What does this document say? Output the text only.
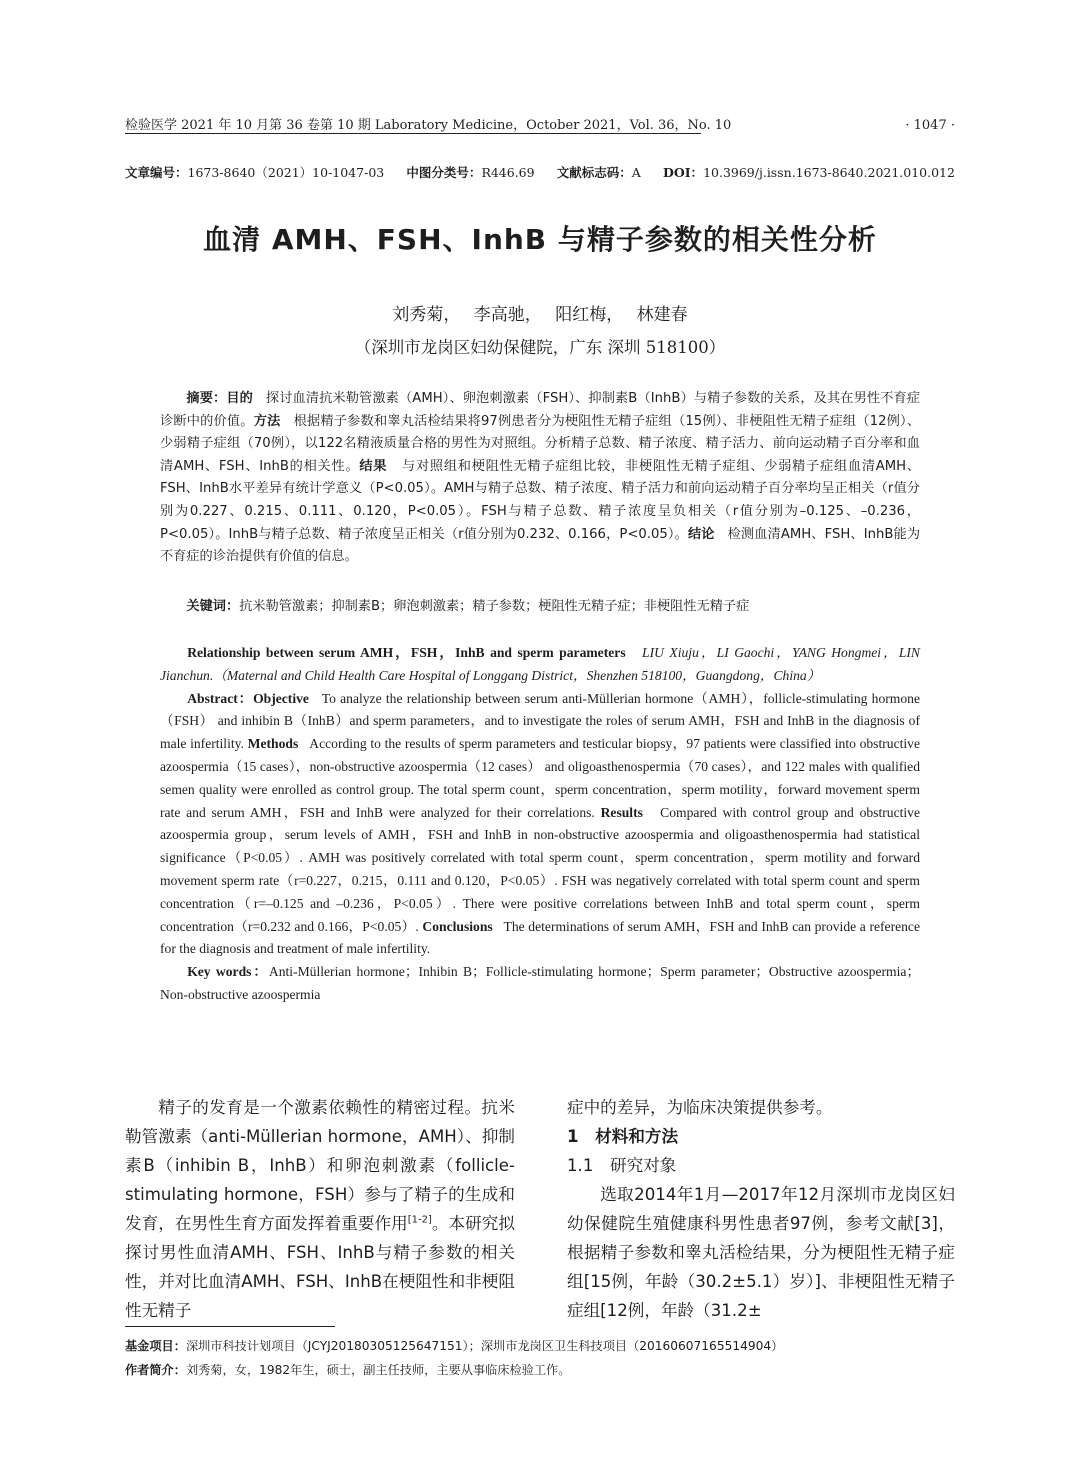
检验医学 2021 年 10 月第 36 卷第 10 期 Laboratory Medicine，October 2021，Vol. 36，No. 10	· 1047 ·
文章编号：1673-8640（2021）10-1047-03 中图分类号：R446.69 文献标志码：A DOI：10.3969/j.issn.1673-8640.2021.010.012
血清 AMH、FSH、InhB 与精子参数的相关性分析
刘秀菊， 李高驰， 阳红梅， 林建春
（深圳市龙岗区妇幼保健院，广东 深圳 518100）

摘要：目的 探讨血清抗米勒管激素（AMH）、卵泡刺激素（FSH）、抑制素B（InhB）与精子参数的关系，及其在男性不育症诊断中的价值。方法 根据精子参数和睾丸活检结果将97例患者分为梗阻性无精子症组（15例）、非梗阻性无精子症组（12例）、少弱精子症组（70例），以122名精液质量合格的男性为对照组。分析精子总数、精子浓度、精子活力、前向运动精子百分率和血清AMH、FSH、InhB的相关性。结果 与对照组和梗阻性无精子症组比较，非梗阻性无精子症组、少弱精子症组血清AMH、FSH、InhB水平差异有统计学意义（P<0.05）。AMH与精子总数、精子浓度、精子活力和前向运动精子百分率均呈正相关（r值分别为0.227、0.215、0.111、0.120，P<0.05）。FSH与精子总数、精子浓度呈负相关（r值分别为–0.125、–0.236，P<0.05）。InhB与精子总数、精子浓度呈正相关（r值分别为0.232、0.166，P<0.05）。结论 检测血清AMH、FSH、InhB能为不育症的诊治提供有价值的信息。

关键词：抗米勒管激素；抑制素B；卵泡刺激素；精子参数；梗阻性无精子症；非梗阻性无精子症

Relationship between serum AMH，FSH，InhB and sperm parameters LIU Xiuju，LI Gaochi，YANG Hongmei，LIN Jianchun.（Maternal and Child Health Care Hospital of Longgang District，Shenzhen 518100，Guangdong，China）

Abstract：Objective To analyze the relationship between serum anti-Müllerian hormone（AMH），follicle-stimulating hormone（FSH） and inhibin B（InhB）and sperm parameters，and to investigate the roles of serum AMH，FSH and InhB in the diagnosis of male infertility. Methods According to the results of sperm parameters and testicular biopsy，97 patients were classified into obstructive azoospermia（15 cases），non-obstructive azoospermia（12 cases） and oligoasthenospermia（70 cases），and 122 males with qualified semen quality were enrolled as control group. The total sperm count，sperm concentration，sperm motility，forward movement sperm rate and serum AMH，FSH and InhB were analyzed for their correlations. Results Compared with control group and obstructive azoospermia group，serum levels of AMH，FSH and InhB in non-obstructive azoospermia and oligoasthenospermia had statistical significance（P<0.05）. AMH was positively correlated with total sperm count，sperm concentration，sperm motility and forward movement sperm rate（r=0.227，0.215，0.111 and 0.120，P<0.05）. FSH was negatively correlated with total sperm count and sperm concentration（r=–0.125 and –0.236，P<0.05）. There were positive correlations between InhB and total sperm count，sperm concentration（r=0.232 and 0.166，P<0.05）. Conclusions The determinations of serum AMH，FSH and InhB can provide a reference for the diagnosis and treatment of male infertility.

Key words：Anti-Müllerian hormone；Inhibin B；Follicle-stimulating hormone；Sperm parameter；Obstructive azoospermia；Non-obstructive azoospermia

精子的发育是一个激素依赖性的精密过程。抗米勒管激素（anti-Müllerian hormone，AMH）、抑制素B（inhibin B，InhB）和卵泡刺激素（follicle-stimulating hormone，FSH）参与了精子的生成和发育，在男性生育方面发挥着重要作用[1-2]。本研究拟探讨男性血清AMH、FSH、InhB与精子参数的相关性，并对比血清AMH、FSH、InhB在梗阻性和非梗阻性无精子

症中的差异，为临床决策提供参考。

1　材料和方法

1.1　研究对象

选取2014年1月—2017年12月深圳市龙岗区妇幼保健院生殖健康科男性患者97例，参考文献[3]，根据精子参数和睾丸活检结果，分为梗阻性无精子症组[15例，年龄（30.2±5.1）岁）]、非梗阻性无精子症组[12例，年龄（31.2±

基金项目：深圳市科技计划项目（JCYJ20180305125647151）；深圳市龙岗区卫生科技项目（20160607165514904）

作者简介：刘秀菊，女，1982年生，硕士，副主任技师，主要从事临床检验工作。
